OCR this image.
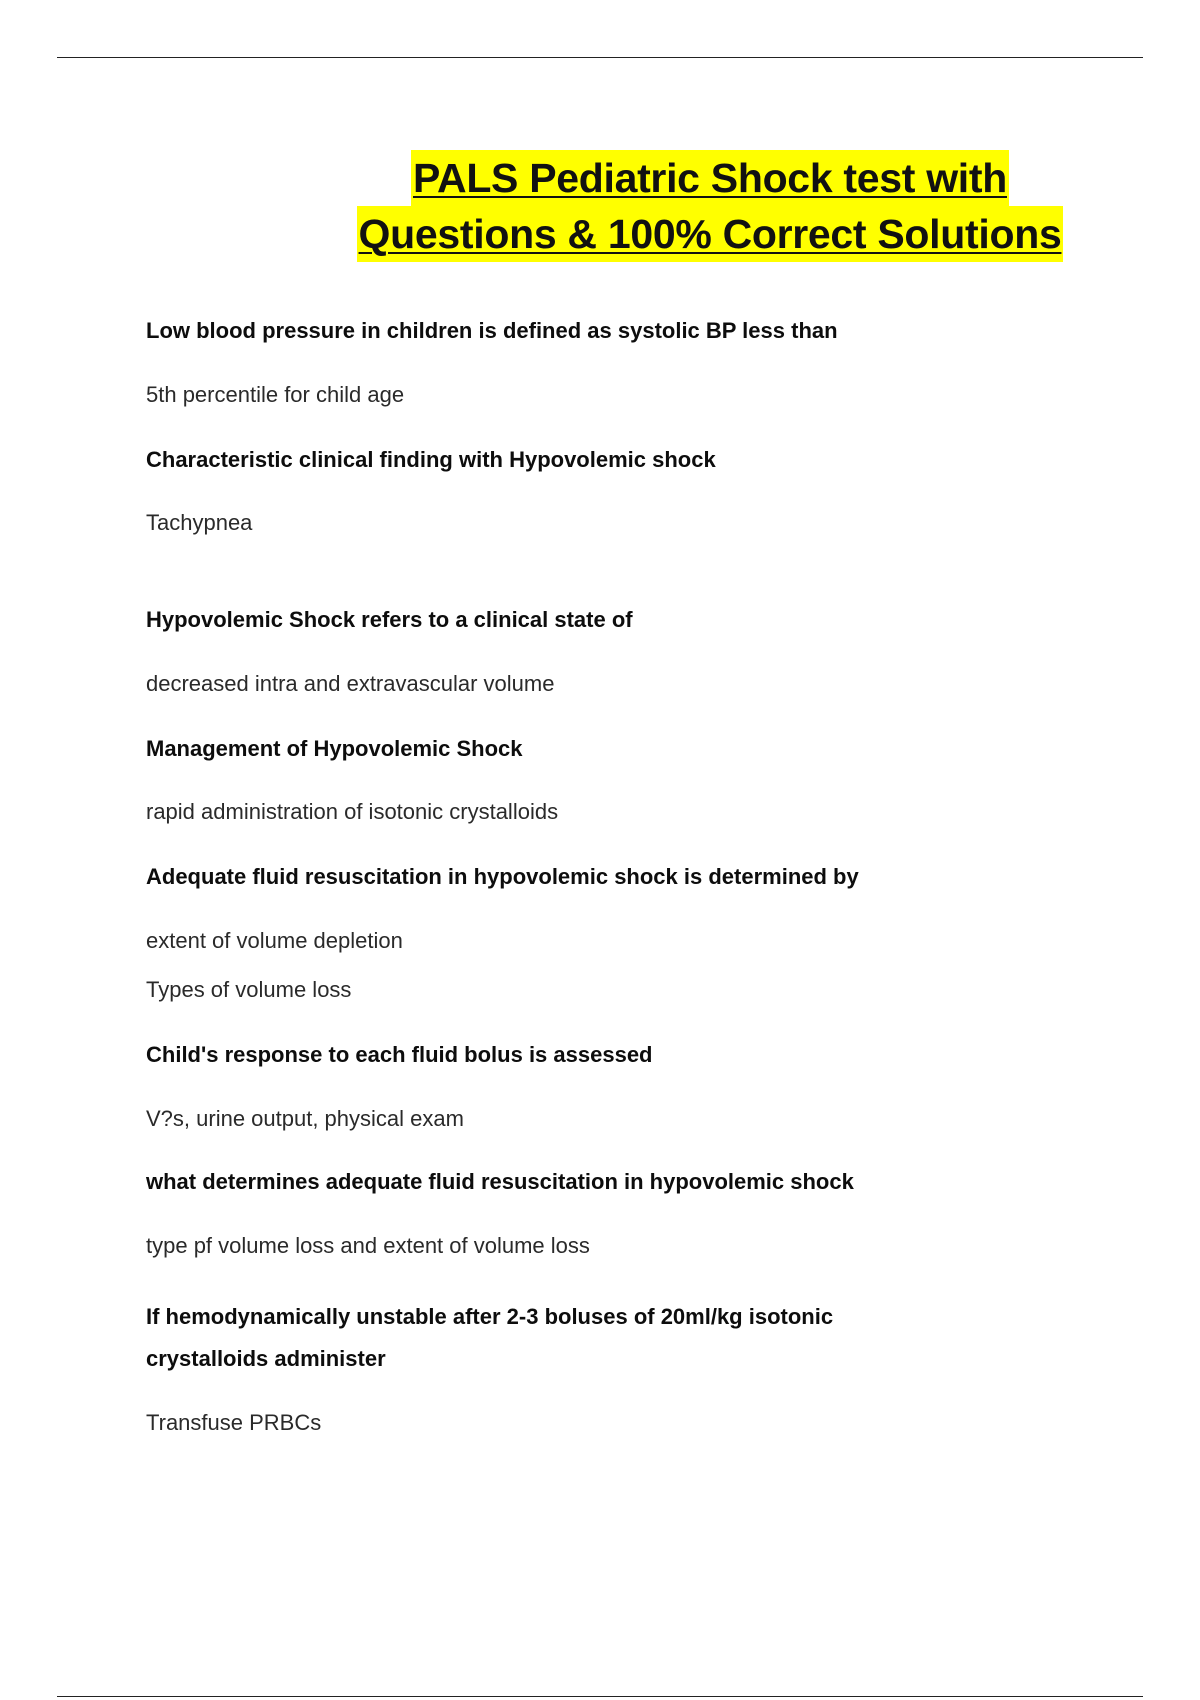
PALS Pediatric Shock test with
Questions & 100% Correct Solutions
Low blood pressure in children is defined as systolic BP less than
5th percentile for child age
Characteristic clinical finding with Hypovolemic shock
Tachypnea
Hypovolemic Shock refers to a clinical state of
decreased intra and extravascular volume
Management of Hypovolemic Shock
rapid administration of isotonic crystalloids
Adequate fluid resuscitation in hypovolemic shock is determined by
extent of volume depletion
Types of volume loss
Child's response to each fluid bolus is assessed
V?s, urine output, physical exam
what determines adequate fluid resuscitation in hypovolemic shock
type pf volume loss and extent of volume loss
If hemodynamically unstable after 2-3 boluses of 20ml/kg isotonic crystalloids administer
Transfuse PRBCs
